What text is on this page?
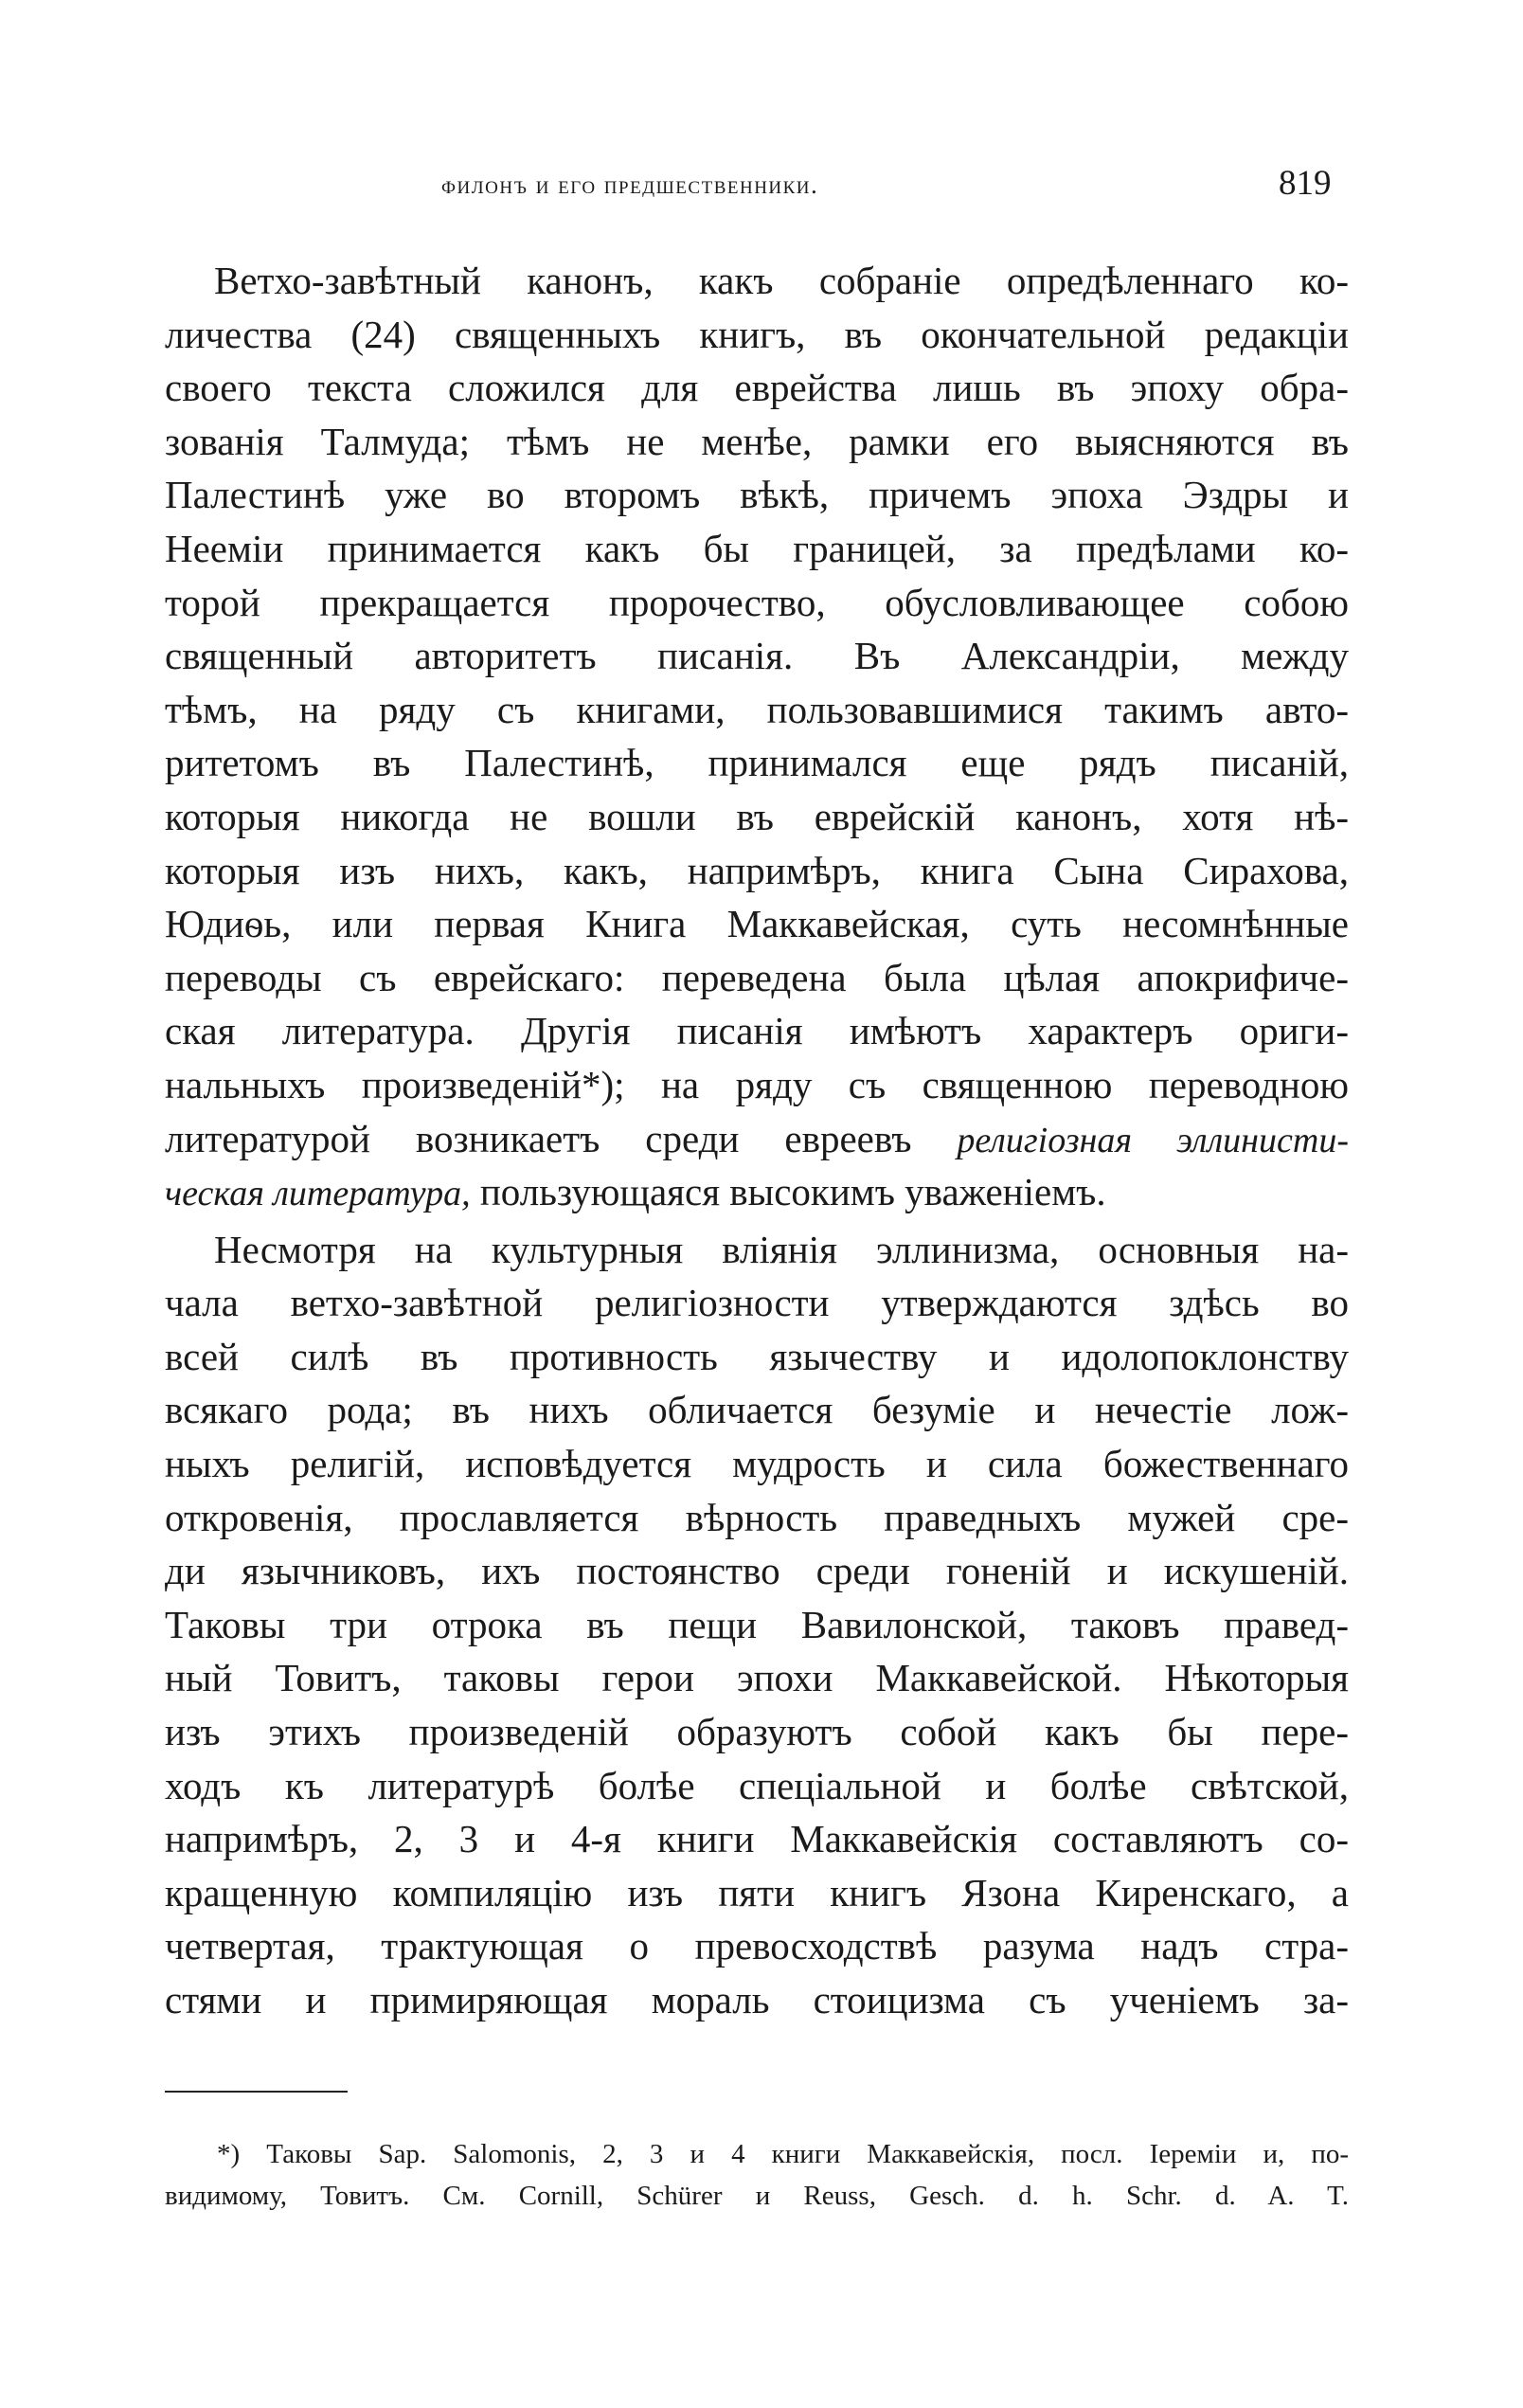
филонъ и его предшественники.	819
Ветхо-завѣтный канонъ, какъ собраніе опредѣленнаго ко-
личества (24) священныхъ книгъ, въ окончательной редакціи
своего текста сложился для еврейства лишь въ эпоху обра-
зованія Талмуда; тѣмъ не менѣе, рамки его выясняются въ
Палестинѣ уже во второмъ вѣкѣ, причемъ эпоха Эздры и
Нееміи принимается какъ бы границей, за предѣлами ко-
торой прекращается пророчество, обусловливающее собою
священный авторитетъ писанія. Въ Александріи, между
тѣмъ, на ряду съ книгами, пользовавшимися такимъ авто-
ритетомъ въ Палестинѣ, принимался еще рядъ писаній,
которыя никогда не вошли въ еврейскій канонъ, хотя нѣ-
которыя изъ нихъ, какъ, напримѣръ, книга Сына Сирахова,
Юдиѳь, или первая Книга Маккавейская, суть несомнѣнные
переводы съ еврейскаго: переведена была цѣлая апокрифиче-
ская литература. Другія писанія имѣютъ характеръ ориги-
нальныхъ произведеній*); на ряду съ священною переводною
литературой возникаетъ среди евреевъ религіозная эллинисти-
ческая литература, пользующаяся высокимъ уваженіемъ.
Несмотря на культурныя вліянія эллинизма, основныя на-
чала ветхо-завѣтной религіозности утверждаются здѣсь во
всей силѣ въ противность язычеству и идолопоклонству
всякаго рода; въ нихъ обличается безуміе и нечестіе лож-
ныхъ религій, исповѣдуется мудрость и сила божественнаго
откровенія, прославляется вѣрность праведныхъ мужей сре-
ди язычниковъ, ихъ постоянство среди гоненій и искушеній.
Таковы три отрока въ пещи Вавилонской, таковъ правед-
ный Товитъ, таковы герои эпохи Маккавейской. Нѣкоторыя
изъ этихъ произведеній образуютъ собой какъ бы пере-
ходъ къ литературѣ болѣе спеціальной и болѣе свѣтской,
напримѣръ, 2, 3 и 4-я книги Маккавейскія составляютъ со-
кращенную компиляцію изъ пяти книгъ Язона Киренскаго, а
четвертая, трактующая о превосходствѣ разума надъ стра-
стями и примиряющая мораль стоицизма съ ученіемъ за-
*) Таковы Sap. Salomonis, 2, 3 и 4 книги Маккавейскія, посл. Іереміи и, по-
видимому, Товитъ. См. Cornill, Schürer и Reuss, Gesch. d. h. Schr. d. A. T.
